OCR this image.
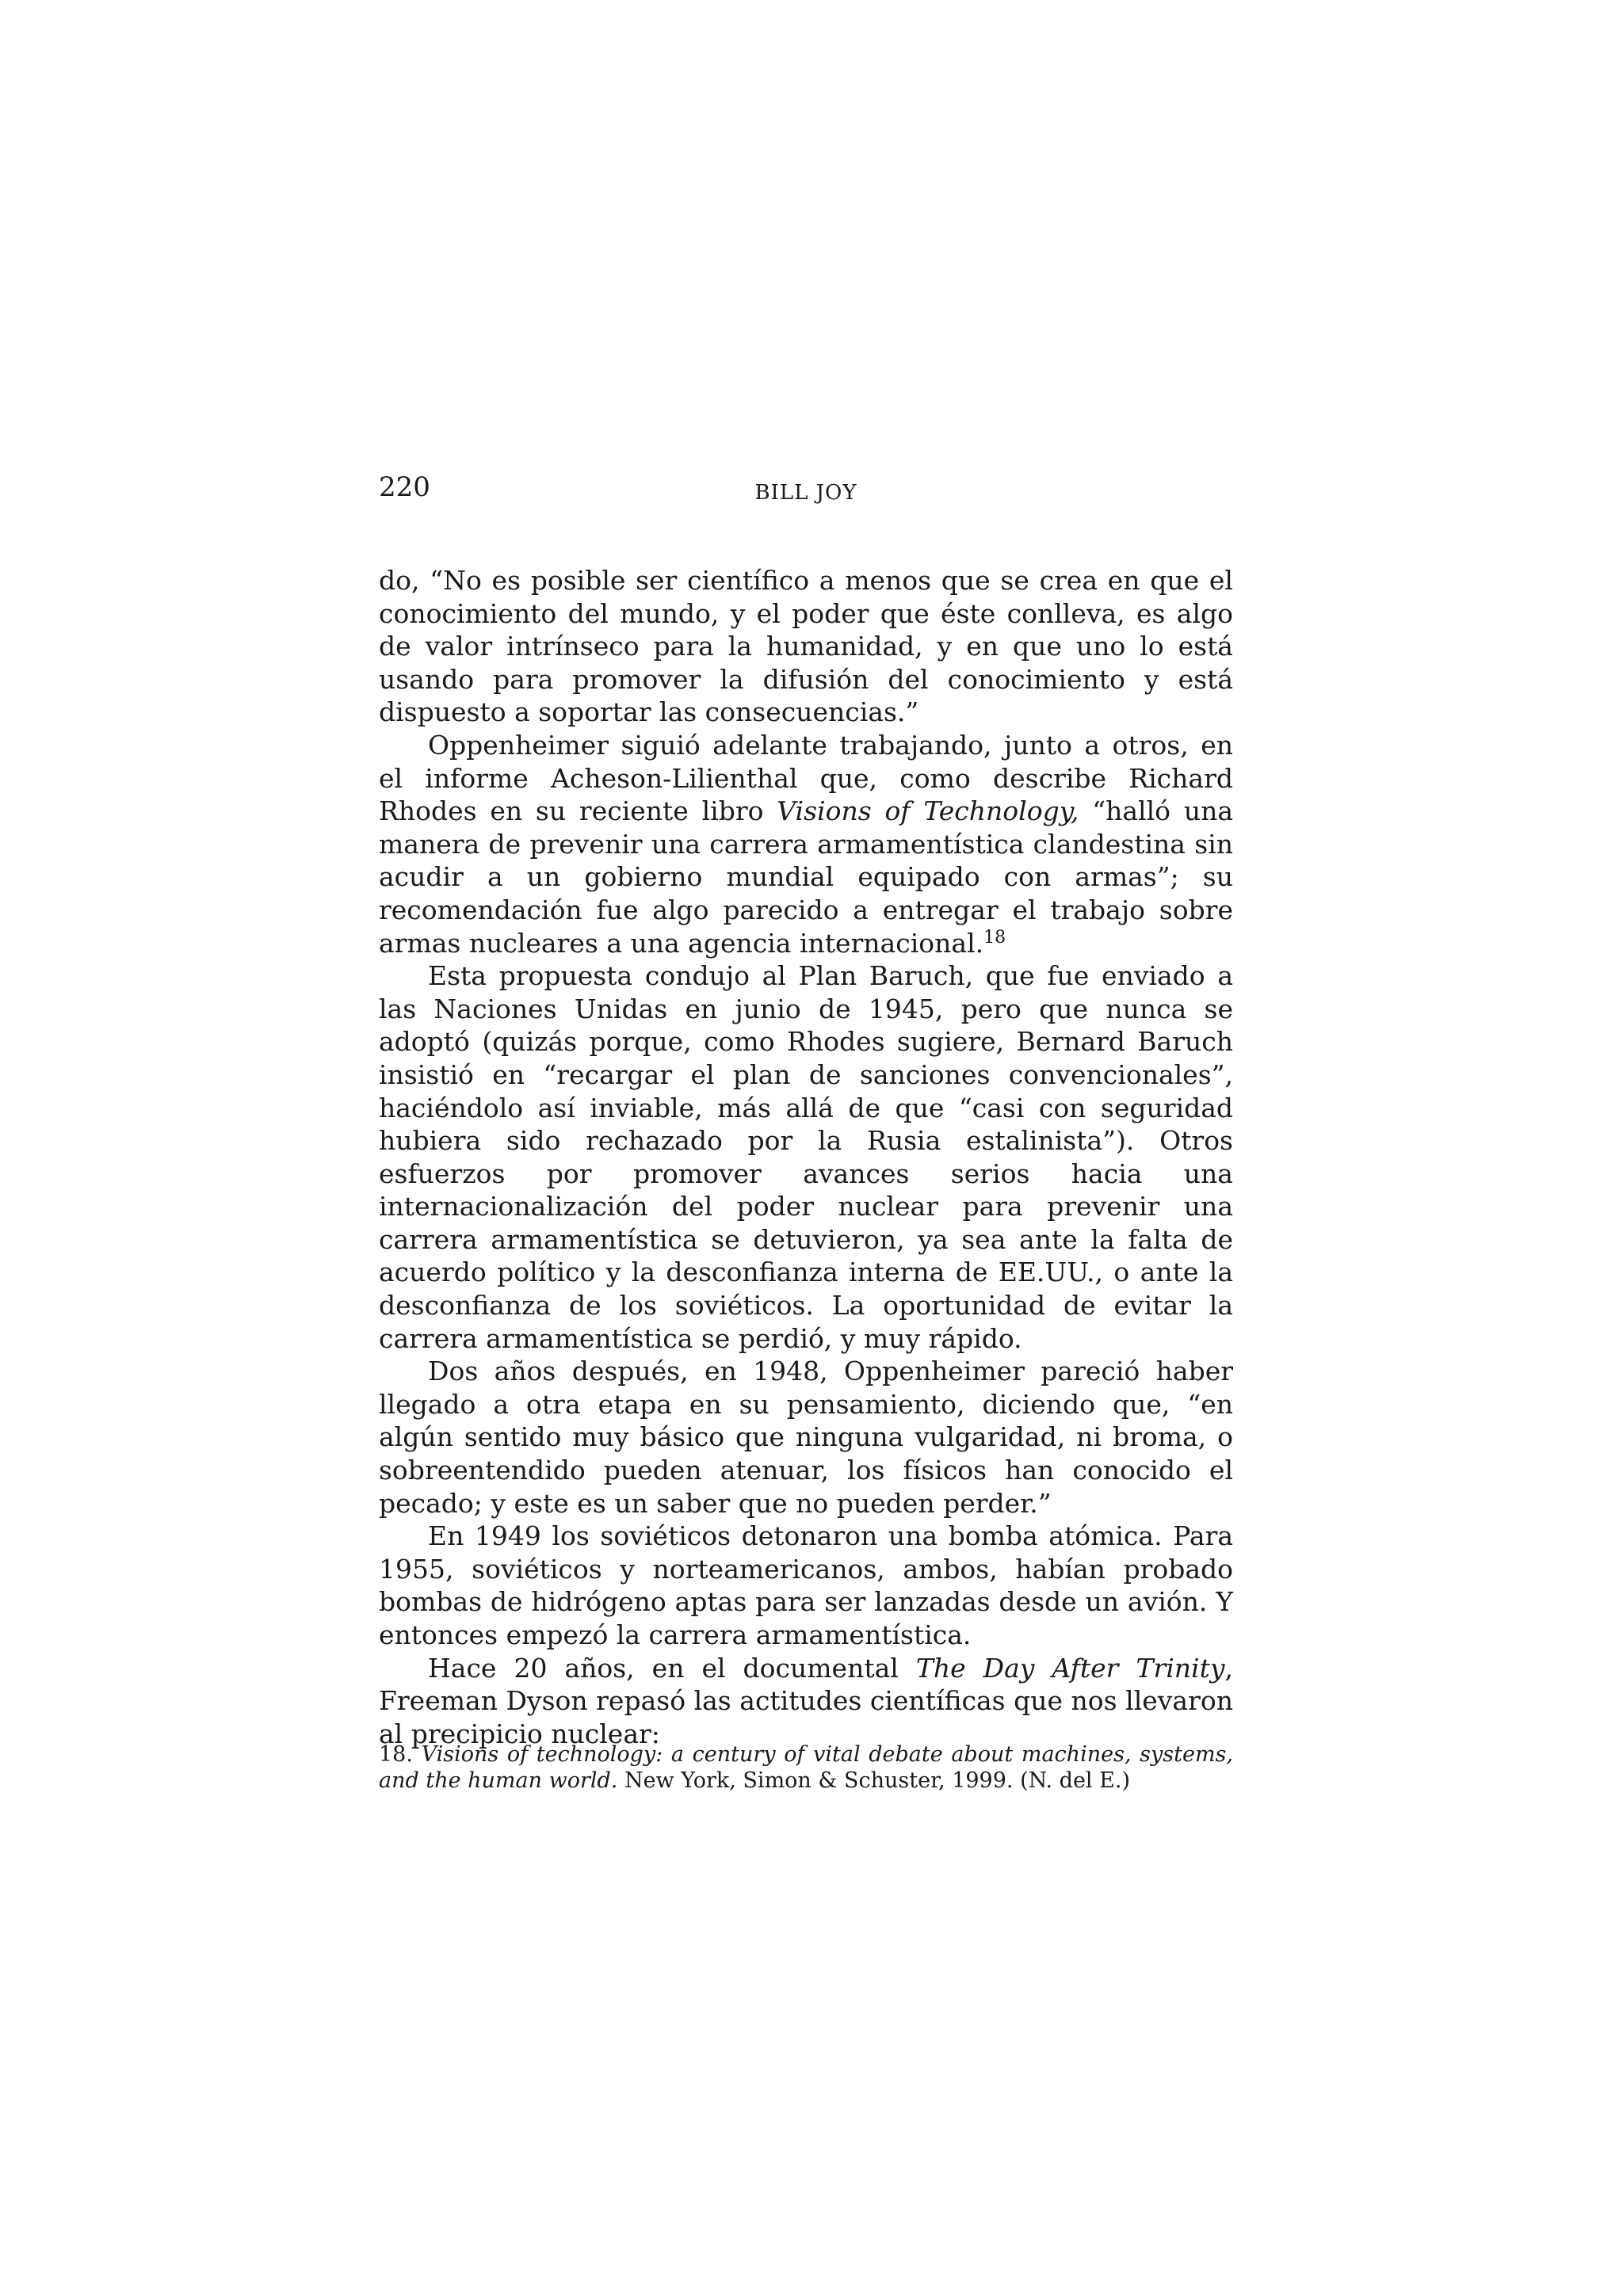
220	BILL JOY

do, “No es posible ser científico a menos que se crea en que el conocimiento del mundo, y el poder que éste conlleva, es algo de valor intrínseco para la humanidad, y en que uno lo está usando para promover la difusión del conocimiento y está dispuesto a soportar las consecuencias.”

Oppenheimer siguió adelante trabajando, junto a otros, en el informe Acheson-Lilienthal que, como describe Richard Rhodes en su reciente libro Visions of Technology, “halló una manera de prevenir una carrera armamentística clandestina sin acudir a un gobierno mundial equipado con armas”; su recomendación fue algo parecido a entregar el trabajo sobre armas nucleares a una agencia internacional.$^{18}$

Esta propuesta condujo al Plan Baruch, que fue enviado a las Naciones Unidas en junio de 1945, pero que nunca se adoptó (quizás porque, como Rhodes sugiere, Bernard Baruch insistió en “recargar el plan de sanciones convencionales”, haciéndolo así inviable, más allá de que “casi con seguridad hubiera sido rechazado por la Rusia estalinista”). Otros esfuerzos por promover avances serios hacia una internacionalización del poder nuclear para prevenir una carrera armamentística se detuvieron, ya sea ante la falta de acuerdo político y la desconfianza interna de EE.UU., o ante la desconfianza de los soviéticos. La oportunidad de evitar la carrera armamentística se perdió, y muy rápido.

Dos años después, en 1948, Oppenheimer pareció haber llegado a otra etapa en su pensamiento, diciendo que, “en algún sentido muy básico que ninguna vulgaridad, ni broma, o sobreentendido pueden atenuar, los físicos han conocido el pecado; y este es un saber que no pueden perder.”

En 1949 los soviéticos detonaron una bomba atómica. Para 1955, soviéticos y norteamericanos, ambos, habían probado bombas de hidrógeno aptas para ser lanzadas desde un avión. Y entonces empezó la carrera armamentística.

Hace 20 años, en el documental The Day After Trinity, Freeman Dyson repasó las actitudes científicas que nos llevaron al precipicio nuclear:

18. Visions of technology: a century of vital debate about machines, systems, and the human world. New York, Simon & Schuster, 1999. (N. del E.)
